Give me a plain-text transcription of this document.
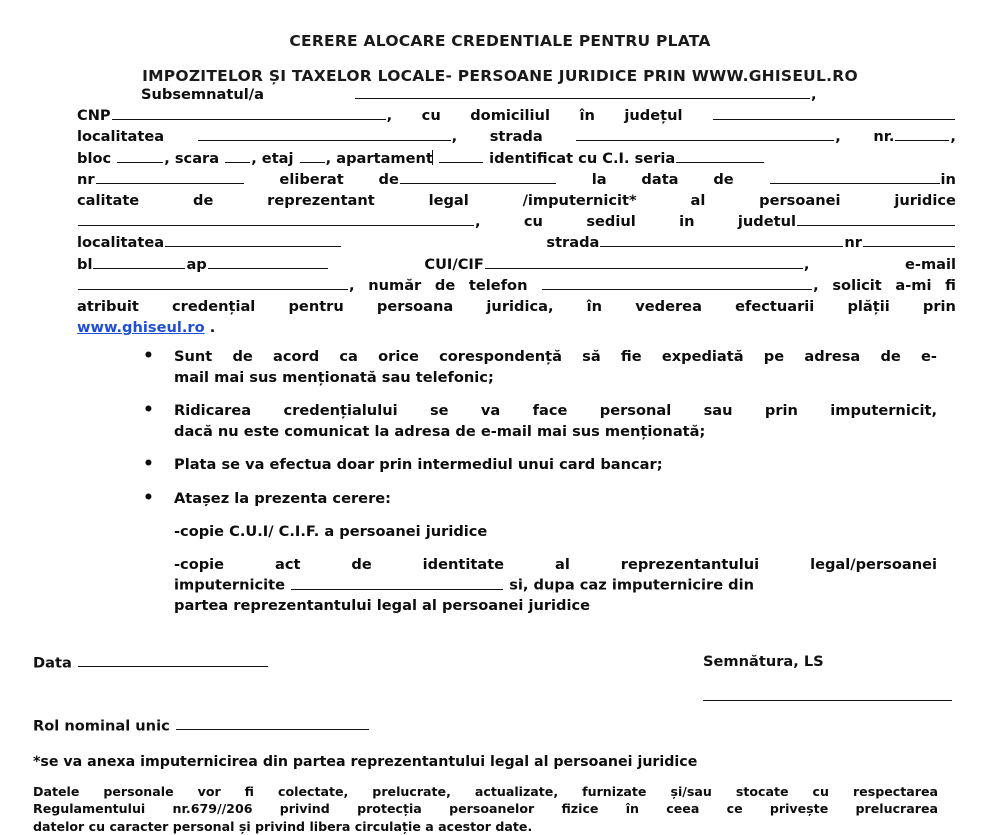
CERERE ALOCARE CREDENTIALE PENTRU PLATA
IMPOZITELOR ȘI TAXELOR LOCALE- PERSOANE JURIDICE PRIN WWW.GHISEUL.RO
Subsemnatul/a	,
CNP	, cu domiciliul în județul
localitatea	, strada	, nr.	,
bloc	, scara , etaj , apartament	identificat cu C.I. seria
nr	eliberat de	la data de	in
calitate	de	reprezentant	legal	/imputernicit*	al	persoanei	juridice
,	cu	sediul	in	judetul
localitatea	strada	nr
bl	ap	CUI/CIF	,	e-mail
, număr de telefon	, solicit a-mi fi
atribuit credențial pentru persoana juridica, în vederea efectuarii plății prin
www.ghiseul.ro .
• Sunt de acord ca orice corespondență să fie expediată pe adresa de e-
mail mai sus menționată sau telefonic;
• Ridicarea credențialului se va face personal sau prin imputernicit,
dacă nu este comunicat la adresa de e-mail mai sus menționată;
• Plata se va efectua doar prin intermediul unui card bancar;
• Atașez la prezenta cerere:
-copie C.U.I/ C.I.F. a persoanei juridice
-copie act de identitate al reprezentantului legal/persoanei
imputernicite	si, dupa caz imputernicire din
partea reprezentantului legal al persoanei juridice
Data	Semnătura, LS
Rol nominal unic
*se va anexa imputernicirea din partea reprezentantului legal al persoanei juridice
Datele personale vor fi colectate, prelucrate, actualizate, furnizate și/sau stocate cu respectarea
Regulamentului nr.679//206 privind protecția persoanelor fizice în ceea ce privește prelucrarea
datelor cu caracter personal și privind libera circulație a acestor date.
